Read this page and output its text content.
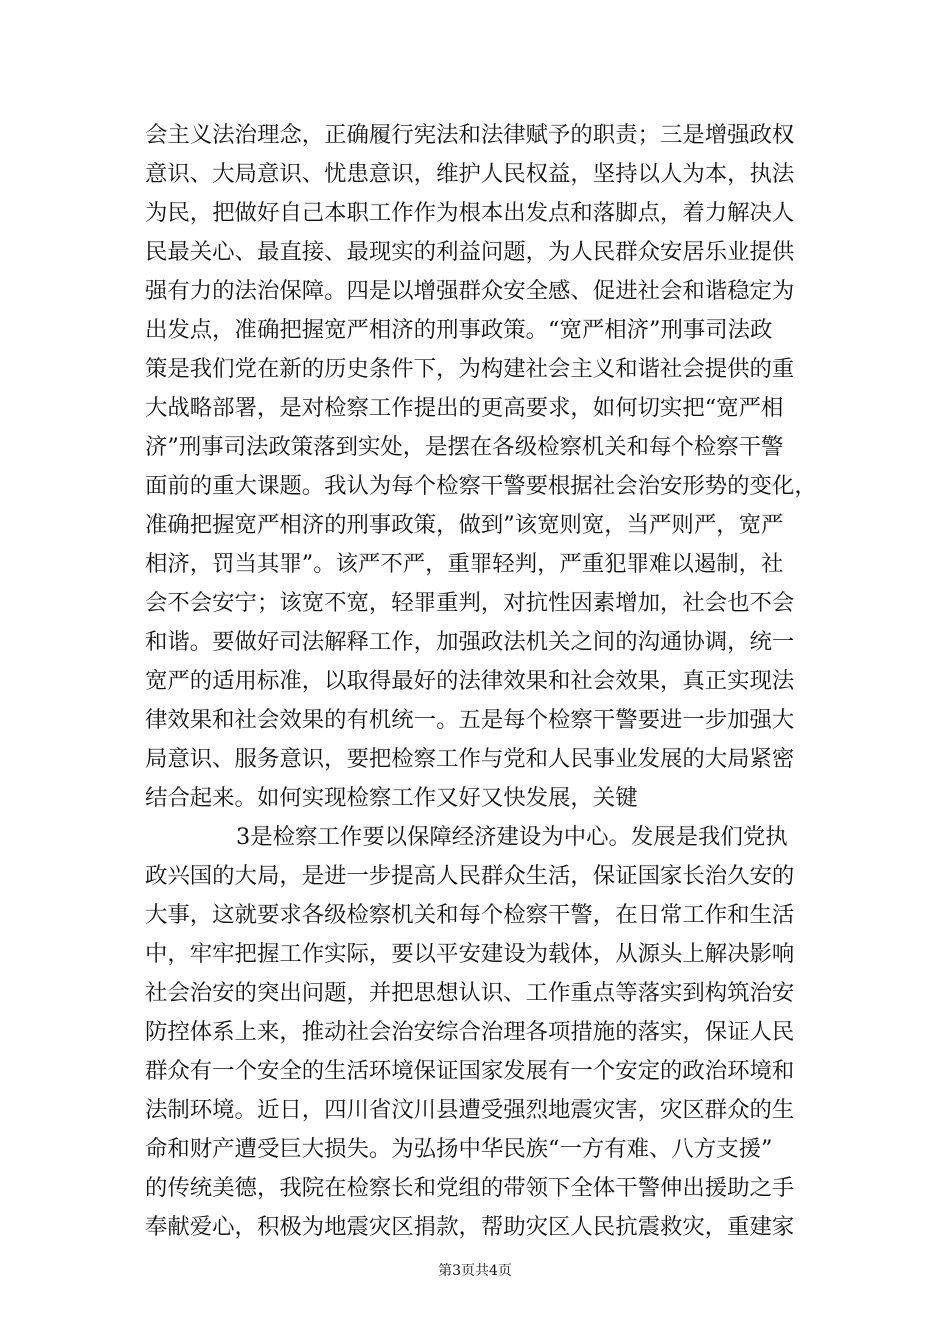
会主义法治理念，正确履行宪法和法律赋予的职责；三是增强政权
意识、大局意识、忧患意识，维护人民权益，坚持以人为本，执法
为民，把做好自己本职工作作为根本出发点和落脚点，着力解决人
民最关心、最直接、最现实的利益问题，为人民群众安居乐业提供
强有力的法治保障。四是以增强群众安全感、促进社会和谐稳定为
出发点，准确把握宽严相济的刑事政策。“宽严相济”刑事司法政
策是我们党在新的历史条件下，为构建社会主义和谐社会提供的重
大战略部署，是对检察工作提出的更高要求，如何切实把“宽严相
济”刑事司法政策落到实处，是摆在各级检察机关和每个检察干警
面前的重大课题。我认为每个检察干警要根据社会治安形势的变化，
准确把握宽严相济的刑事政策，做到”该宽则宽，当严则严，宽严
相济，罚当其罪”。该严不严，重罪轻判，严重犯罪难以遏制，社
会不会安宁；该宽不宽，轻罪重判，对抗性因素增加，社会也不会
和谐。要做好司法解释工作，加强政法机关之间的沟通协调，统一
宽严的适用标准，以取得最好的法律效果和社会效果，真正实现法
律效果和社会效果的有机统一。五是每个检察干警要进一步加强大
局意识、服务意识，要把检察工作与党和人民事业发展的大局紧密
结合起来。如何实现检察工作又好又快发展，关键
3是检察工作要以保障经济建设为中心。发展是我们党执
政兴国的大局，是进一步提高人民群众生活，保证国家长治久安的
大事，这就要求各级检察机关和每个检察干警，在日常工作和生活
中，牢牢把握工作实际，要以平安建设为载体，从源头上解决影响
社会治安的突出问题，并把思想认识、工作重点等落实到构筑治安
防控体系上来，推动社会治安综合治理各项措施的落实，保证人民
群众有一个安全的生活环境保证国家发展有一个安定的政治环境和
法制环境。近日，四川省汶川县遭受强烈地震灾害，灾区群众的生
命和财产遭受巨大损失。为弘扬中华民族“一方有难、八方支援”
的传统美德，我院在检察长和党组的带领下全体干警伸出援助之手
奉献爱心，积极为地震灾区捐款，帮助灾区人民抗震救灾，重建家
第3页共4页
